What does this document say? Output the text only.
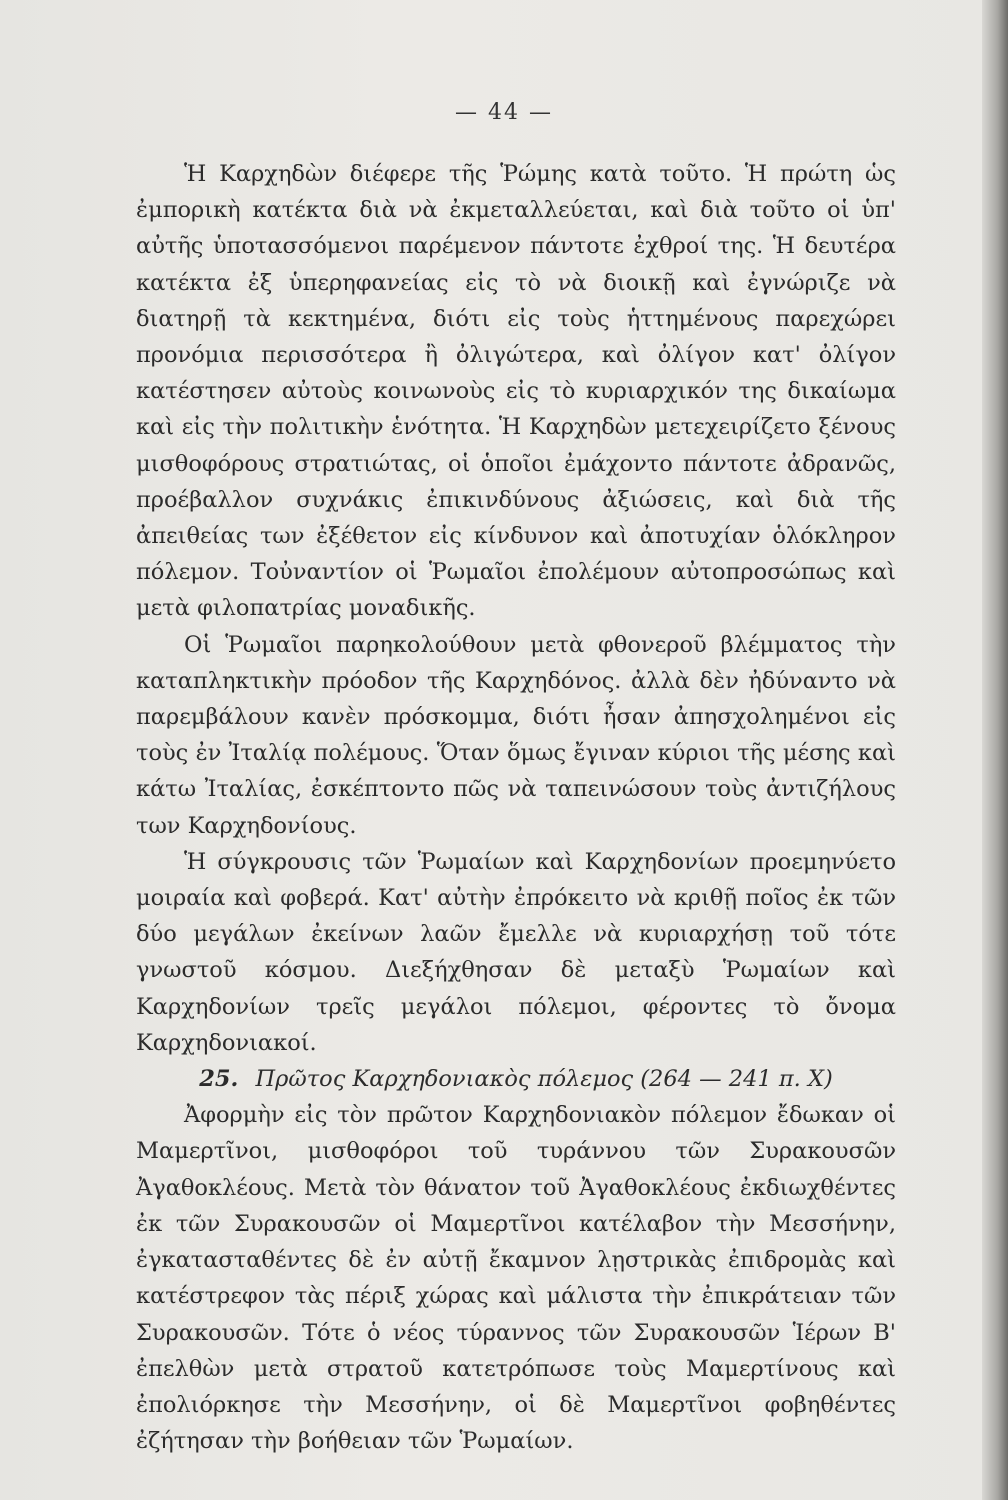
— 44 —

Ἡ Καρχηδὼν διέφερε τῆς Ῥώμης κατὰ τοῦτο. Ἡ πρώτη ὡς ἐμπορικὴ κατέκτα διὰ νὰ ἐκμεταλλεύεται, καὶ διὰ τοῦτο οἱ ὑπ' αὐτῆς ὑποτασσόμενοι παρέμενον πάντοτε ἐχθροί της. Ἡ δευτέρα κατέκτα ἐξ ὑπερηφανείας εἰς τὸ νὰ διοικῇ καὶ ἐγνώριζε νὰ διατηρῇ τὰ κεκτημένα, διότι εἰς τοὺς ἡττημένους παρεχώρει προνόμια περισσότερα ἢ ὀλιγώτερα, καὶ ὀλίγον κατ' ὀλίγον κατέστησεν αὐτοὺς κοινωνοὺς εἰς τὸ κυριαρχικόν της δικαίωμα καὶ εἰς τὴν πολιτικὴν ἑνότητα. Ἡ Καρχηδὼν μετεχειρίζετο ξένους μισθοφόρους στρατιώτας, οἱ ὁποῖοι ἐμάχοντο πάντοτε ἀδρανῶς, προέβαλλον συχνάκις ἐπικινδύνους ἀξιώσεις, καὶ διὰ τῆς ἀπειθείας των ἐξέθετον εἰς κίνδυνον καὶ ἀποτυχίαν ὁλόκληρον πόλεμον. Τοὐναντίον οἱ Ῥωμαῖοι ἐπολέμουν αὐτοπροσώπως καὶ μετὰ φιλοπατρίας μοναδικῆς.

Οἱ Ῥωμαῖοι παρηκολούθουν μετὰ φθονεροῦ βλέμματος τὴν καταπληκτικὴν πρόοδον τῆς Καρχηδόνος. ἀλλὰ δὲν ἠδύναντο νὰ παρεμβάλουν κανὲν πρόσκομμα, διότι ἦσαν ἀπησχολημένοι εἰς τοὺς ἐν Ἰταλίᾳ πολέμους. Ὅταν ὅμως ἔγιναν κύριοι τῆς μέσης καὶ κάτω Ἰταλίας, ἐσκέπτοντο πῶς νὰ ταπεινώσουν τοὺς ἀντιζήλους των Καρχηδονίους.

Ἡ σύγκρουσις τῶν Ῥωμαίων καὶ Καρχηδονίων προεμηνύετο μοιραία καὶ φοβερά. Κατ' αὐτὴν ἐπρόκειτο νὰ κριθῇ ποῖος ἐκ τῶν δύο μεγάλων ἐκείνων λαῶν ἔμελλε νὰ κυριαρχήσῃ τοῦ τότε γνωστοῦ κόσμου. Διεξήχθησαν δὲ μεταξὺ Ῥωμαίων καὶ Καρχηδονίων τρεῖς μεγάλοι πόλεμοι, φέροντες τὸ ὄνομα Καρχηδονιακοί.

25. Πρῶτος Καρχηδονιακὸς πόλεμος (264 — 241 π. Χ)

Ἀφορμὴν εἰς τὸν πρῶτον Καρχηδονιακὸν πόλεμον ἔδωκαν οἱ Μαμερτῖνοι, μισθοφόροι τοῦ τυράννου τῶν Συρακουσῶν Ἀγαθοκλέους. Μετὰ τὸν θάνατον τοῦ Ἀγαθοκλέους ἐκδιωχθέντες ἐκ τῶν Συρακουσῶν οἱ Μαμερτῖνοι κατέλαβον τὴν Μεσσήνην, ἐγκατασταθέντες δὲ ἐν αὐτῇ ἔκαμνον λῃστρικὰς ἐπιδρομὰς καὶ κατέστρεφον τὰς πέριξ χώρας καὶ μάλιστα τὴν ἐπικράτειαν τῶν Συρακουσῶν. Τότε ὁ νέος τύραννος τῶν Συρακουσῶν Ἱέρων Β' ἐπελθὼν μετὰ στρατοῦ κατετρόπωσε τοὺς Μαμερτίνους καὶ ἐπολιόρκησε τὴν Μεσσήνην, οἱ δὲ Μαμερτῖνοι φοβηθέντες ἐζήτησαν τὴν βοήθειαν τῶν Ῥωμαίων.
